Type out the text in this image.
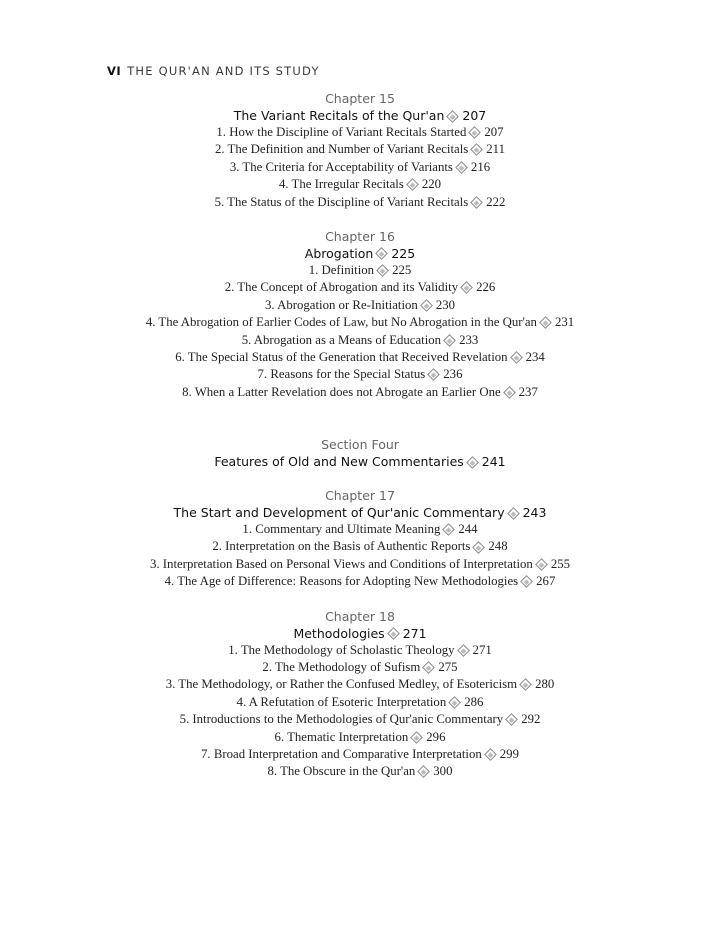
VI THE QUR'AN AND ITS STUDY
Chapter 15
The Variant Recitals of the Qur'an 207
1. How the Discipline of Variant Recitals Started 207
2. The Definition and Number of Variant Recitals 211
3. The Criteria for Acceptability of Variants 216
4. The Irregular Recitals 220
5. The Status of the Discipline of Variant Recitals 222
Chapter 16
Abrogation 225
1. Definition 225
2. The Concept of Abrogation and its Validity 226
3. Abrogation or Re-Initiation 230
4. The Abrogation of Earlier Codes of Law, but No Abrogation in the Qur'an 231
5. Abrogation as a Means of Education 233
6. The Special Status of the Generation that Received Revelation 234
7. Reasons for the Special Status 236
8. When a Latter Revelation does not Abrogate an Earlier One 237
Section Four
Features of Old and New Commentaries 241
Chapter 17
The Start and Development of Qur'anic Commentary 243
1. Commentary and Ultimate Meaning 244
2. Interpretation on the Basis of Authentic Reports 248
3. Interpretation Based on Personal Views and Conditions of Interpretation 255
4. The Age of Difference: Reasons for Adopting New Methodologies 267
Chapter 18
Methodologies 271
1. The Methodology of Scholastic Theology 271
2. The Methodology of Sufism 275
3. The Methodology, or Rather the Confused Medley, of Esotericism 280
4. A Refutation of Esoteric Interpretation 286
5. Introductions to the Methodologies of Qur'anic Commentary 292
6. Thematic Interpretation 296
7. Broad Interpretation and Comparative Interpretation 299
8. The Obscure in the Qur'an 300
